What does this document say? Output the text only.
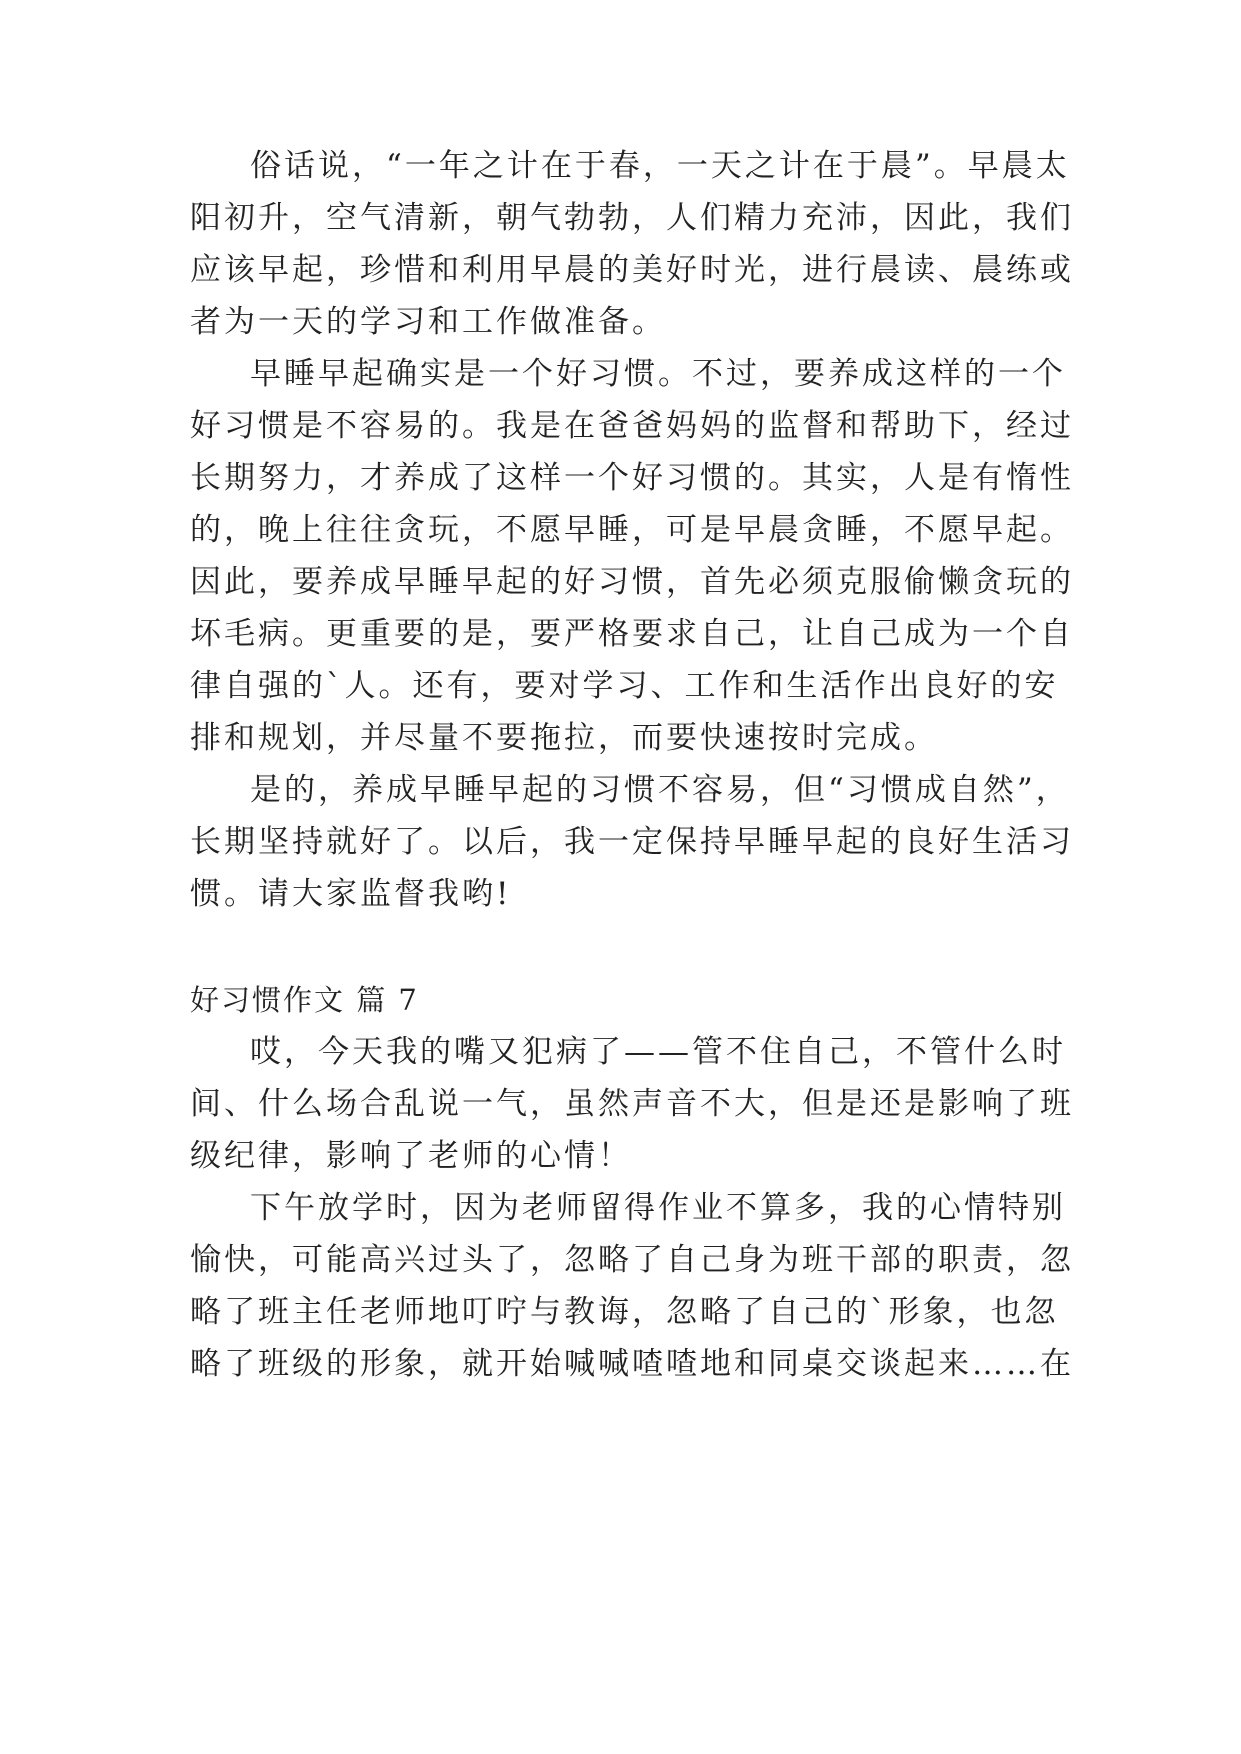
俗话说，“一年之计在于春，一天之计在于晨”。早晨太
阳初升，空气清新，朝气勃勃，人们精力充沛，因此，我们
应该早起，珍惜和利用早晨的美好时光，进行晨读、晨练或
者为一天的学习和工作做准备。
早睡早起确实是一个好习惯。不过，要养成这样的一个
好习惯是不容易的。我是在爸爸妈妈的监督和帮助下，经过
长期努力，才养成了这样一个好习惯的。其实，人是有惰性
的，晚上往往贪玩，不愿早睡，可是早晨贪睡，不愿早起。
因此，要养成早睡早起的好习惯，首先必须克服偷懒贪玩的
坏毛病。更重要的是，要严格要求自己，让自己成为一个自
律自强的`人。还有，要对学习、工作和生活作出良好的安
排和规划，并尽量不要拖拉，而要快速按时完成。
是的，养成早睡早起的习惯不容易，但“习惯成自然”，
长期坚持就好了。以后，我一定保持早睡早起的良好生活习
惯。请大家监督我哟!
好习惯作文 篇 7
哎，今天我的嘴又犯病了——管不住自己，不管什么时
间、什么场合乱说一气，虽然声音不大，但是还是影响了班
级纪律，影响了老师的心情！
下午放学时，因为老师留得作业不算多，我的心情特别
愉快，可能高兴过头了，忽略了自己身为班干部的职责，忽
略了班主任老师地叮咛与教诲，忽略了自己的`形象，也忽
略了班级的形象，就开始喊喊喳喳地和同桌交谈起来……在
